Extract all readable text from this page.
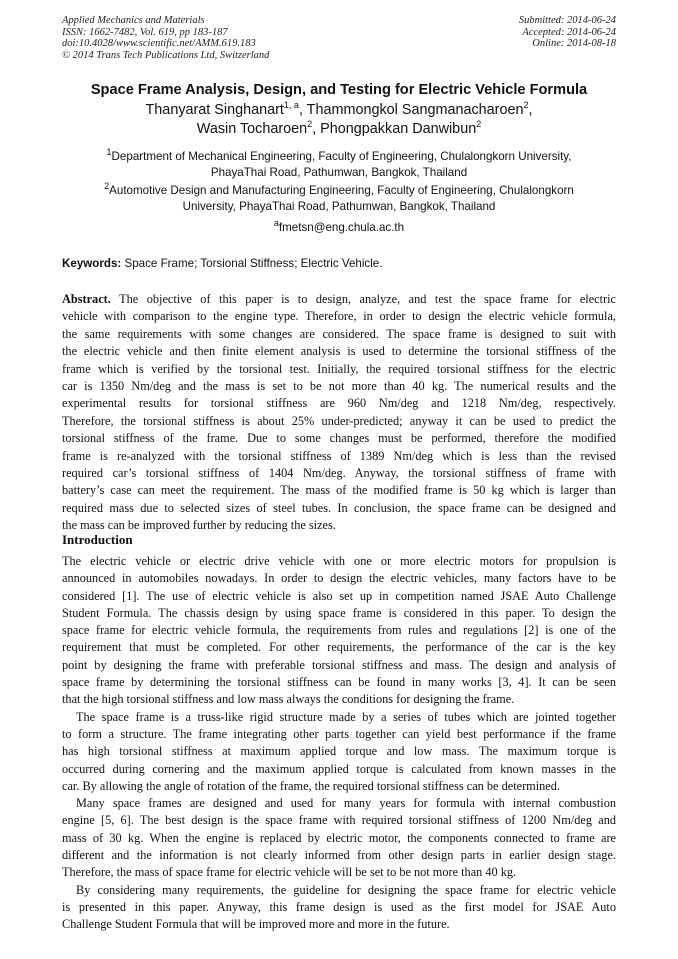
Applied Mechanics and Materials
ISSN: 1662-7482, Vol. 619, pp 183-187
doi:10.4028/www.scientific.net/AMM.619.183
© 2014 Trans Tech Publications Ltd, Switzerland
Submitted: 2014-06-24
Accepted: 2014-06-24
Online: 2014-08-18
Space Frame Analysis, Design, and Testing for Electric Vehicle Formula
Thanyarat Singhanart$^{1, a}$, Thammongkol Sangmanacharoen$^2$,
Wasin Tocharoen$^2$, Phongpakkan Danwibun$^2$
$^1$Department of Mechanical Engineering, Faculty of Engineering, Chulalongkorn University,
PhayaThai Road, Pathumwan, Bangkok, Thailand
$^2$Automotive Design and Manufacturing Engineering, Faculty of Engineering, Chulalongkorn
University, PhayaThai Road, Pathumwan, Bangkok, Thailand
$^a$fmetsn@eng.chula.ac.th
Keywords: Space Frame; Torsional Stiffness; Electric Vehicle.
Abstract. The objective of this paper is to design, analyze, and test the space frame for electric
vehicle with comparison to the engine type. Therefore, in order to design the electric vehicle formula,
the same requirements with some changes are considered. The space frame is designed to suit with
the electric vehicle and then finite element analysis is used to determine the torsional stiffness of the
frame which is verified by the torsional test. Initially, the required torsional stiffness for the electric
car is 1350 Nm/deg and the mass is set to be not more than 40 kg. The numerical results and the
experimental results for torsional stiffness are 960 Nm/deg and 1218 Nm/deg, respectively.
Therefore, the torsional stiffness is about 25% under-predicted; anyway it can be used to predict the
torsional stiffness of the frame. Due to some changes must be performed, therefore the modified
frame is re-analyzed with the torsional stiffness of 1389 Nm/deg which is less than the revised
required car’s torsional stiffness of 1404 Nm/deg. Anyway, the torsional stiffness of frame with
battery’s case can meet the requirement. The mass of the modified frame is 50 kg which is larger than
required mass due to selected sizes of steel tubes. In conclusion, the space frame can be designed and
the mass can be improved further by reducing the sizes.
Introduction
The electric vehicle or electric drive vehicle with one or more electric motors for propulsion is
announced in automobiles nowadays. In order to design the electric vehicles, many factors have to be
considered [1]. The use of electric vehicle is also set up in competition named JSAE Auto Challenge
Student Formula. The chassis design by using space frame is considered in this paper. To design the
space frame for electric vehicle formula, the requirements from rules and regulations [2] is one of the
requirement that must be completed. For other requirements, the performance of the car is the key
point by designing the frame with preferable torsional stiffness and mass. The design and analysis of
space frame by determining the torsional stiffness can be found in many works [3, 4]. It can be seen
that the high torsional stiffness and low mass always the conditions for designing the frame.
The space frame is a truss-like rigid structure made by a series of tubes which are jointed together
to form a structure. The frame integrating other parts together can yield best performance if the frame
has high torsional stiffness at maximum applied torque and low mass. The maximum torque is
occurred during cornering and the maximum applied torque is calculated from known masses in the
car. By allowing the angle of rotation of the frame, the required torsional stiffness can be determined.
Many space frames are designed and used for many years for formula with internal combustion
engine [5, 6]. The best design is the space frame with required torsional stiffness of 1200 Nm/deg and
mass of 30 kg. When the engine is replaced by electric motor, the components connected to frame are
different and the information is not clearly informed from other design parts in earlier design stage.
Therefore, the mass of space frame for electric vehicle will be set to be not more than 40 kg.
By considering many requirements, the guideline for designing the space frame for electric vehicle
is presented in this paper. Anyway, this frame design is used as the first model for JSAE Auto
Challenge Student Formula that will be improved more and more in the future.
